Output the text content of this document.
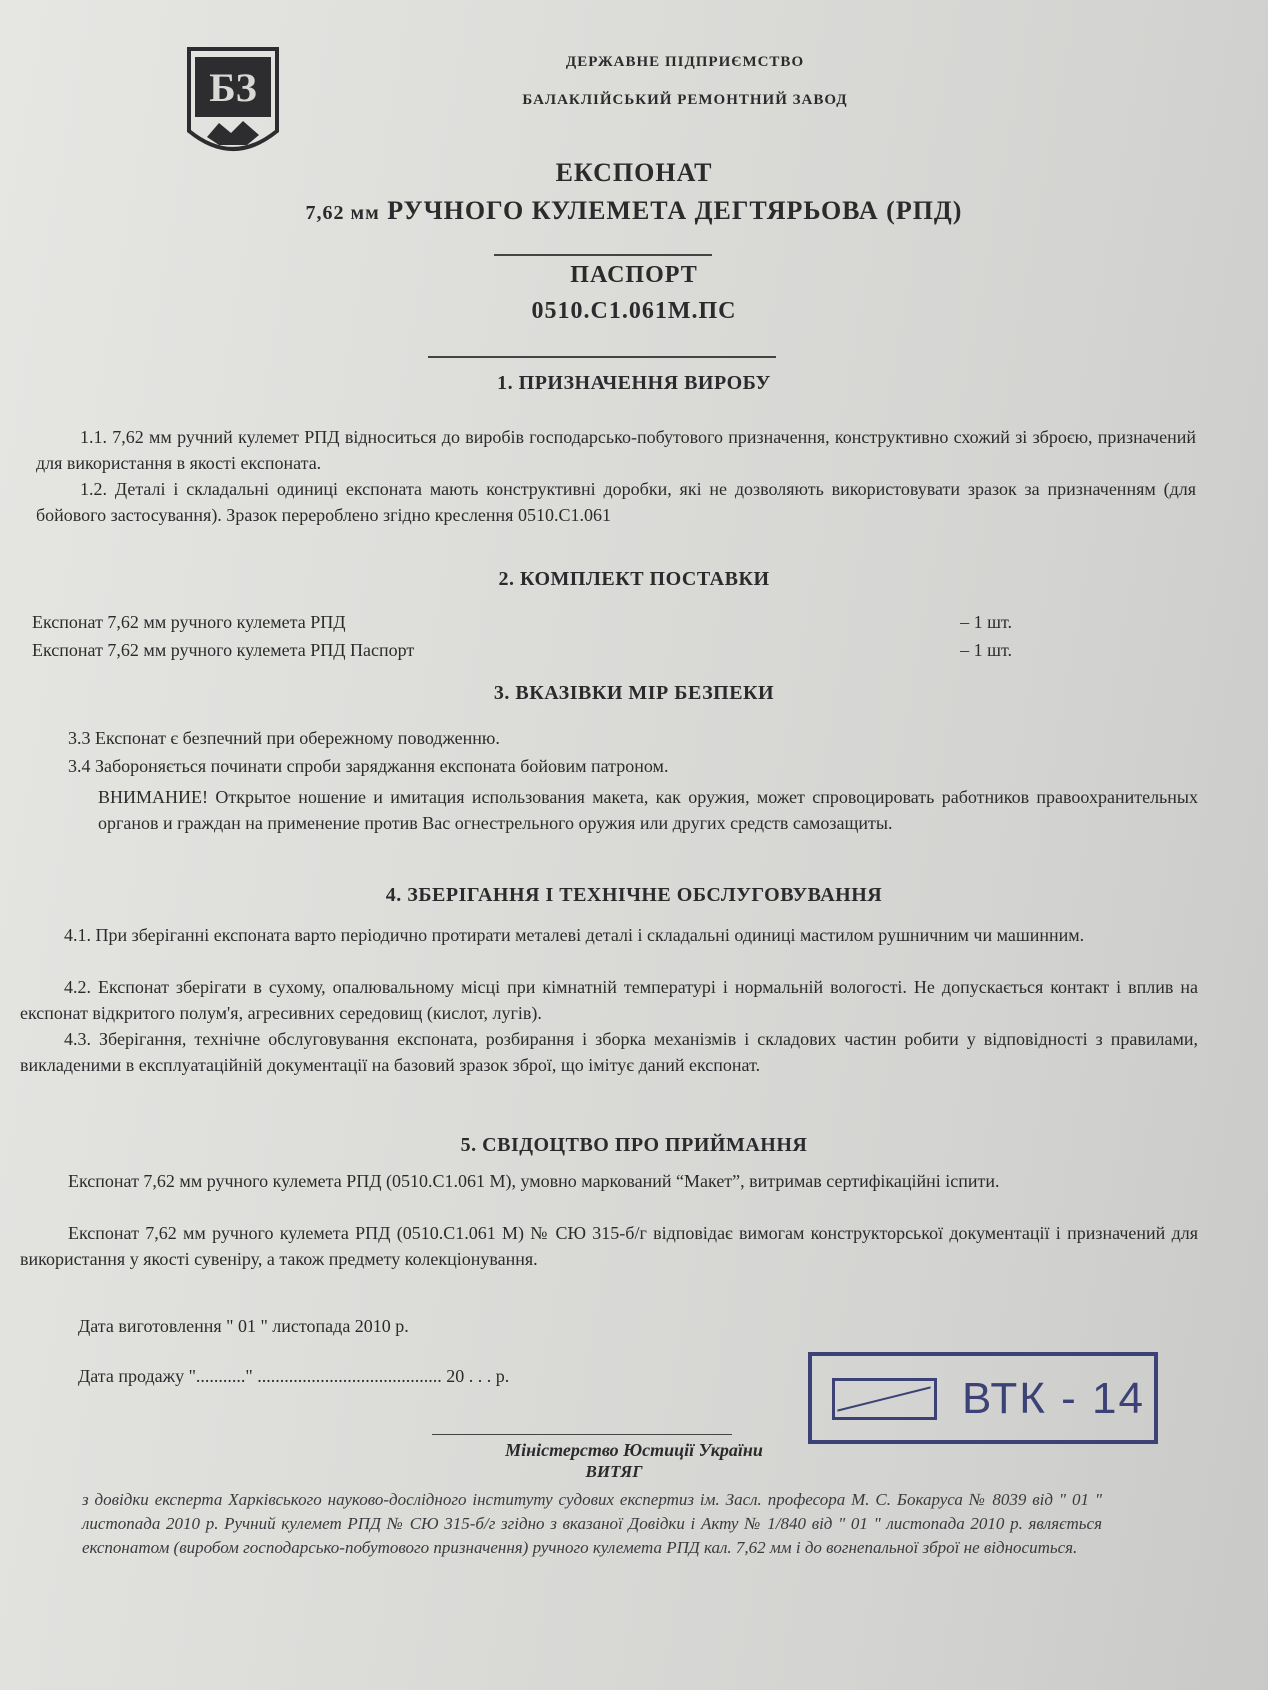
БЗ
ДЕРЖАВНЕ ПІДПРИЄМСТВО
БАЛАКЛІЙСЬКИЙ РЕМОНТНИЙ ЗАВОД
ЕКСПОНАТ
7,62 мм РУЧНОГО КУЛЕМЕТА ДЕГТЯРЬОВА (РПД)
ПАСПОРТ
0510.С1.061М.ПС
1. ПРИЗНАЧЕННЯ ВИРОБУ
1.1. 7,62 мм ручний кулемет РПД відноситься до виробів господарсько-побутового призначення, конструктивно схожий зі зброєю, призначений для використання в якості експоната.
1.2. Деталі і складальні одиниці експоната мають конструктивні доробки, які не дозволяють використовувати зразок за призначенням (для бойового застосування). Зразок перероблено згідно креслення 0510.С1.061
2. КОМПЛЕКТ ПОСТАВКИ
Експонат 7,62 мм ручного кулемета РПД	– 1 шт.
Експонат 7,62 мм ручного кулемета РПД Паспорт	– 1 шт.
3. ВКАЗІВКИ МІР БЕЗПЕКИ
3.3 Експонат є безпечний при обережному поводженню.
3.4 Забороняється починати спроби заряджання експоната бойовим патроном.
ВНИМАНИЕ! Открытое ношение и имитация использования макета, как оружия, может спровоцировать работников правоохранительных органов и граждан на применение против Вас огнестрельного оружия или других средств самозащиты.
4. ЗБЕРІГАННЯ І ТЕХНІЧНЕ ОБСЛУГОВУВАННЯ
4.1. При зберіганні експоната варто періодично протирати металеві деталі і складальні одиниці мастилом рушничним чи машинним.
4.2. Експонат зберігати в сухому, опалювальному місці при кімнатній температурі і нормальній вологості. Не допускається контакт і вплив на експонат відкритого полум'я, агресивних середовищ (кислот, лугів).
4.3. Зберігання, технічне обслуговування експоната, розбирання і зборка механізмів і складових частин робити у відповідності з правилами, викладеними в експлуатаційній документації на базовий зразок зброї, що імітує даний експонат.
5. СВІДОЦТВО ПРО ПРИЙМАННЯ
Експонат 7,62 мм ручного кулемета РПД (0510.С1.061 М), умовно маркований “Макет”, витримав сертифікаційні іспити.
Експонат 7,62 мм ручного кулемета РПД (0510.С1.061 М) № СЮ 315-б/г відповідає вимогам конструкторської документації і призначений для використання у якості сувеніру, а також предмету колекціонування.
Дата виготовлення " 01 " листопада 2010 р.
Дата продажу "..........." ......................................... 20 . . . р.	ВТК - 14
Міністерство Юстиції України
ВИТЯГ
з довідки експерта Харківського науково-дослідного інституту судових експертиз ім. Засл. професора М. С. Бокаруса № 8039 від " 01 " листопада 2010 р. Ручний кулемет РПД № СЮ 315-б/г згідно з вказаної Довідки і Акту № 1/840 від " 01 " листопада 2010 р. являється експонатом (виробом господарсько-побутового призначення) ручного кулемета РПД кал. 7,62 мм і до вогнепальної зброї не відноситься.
